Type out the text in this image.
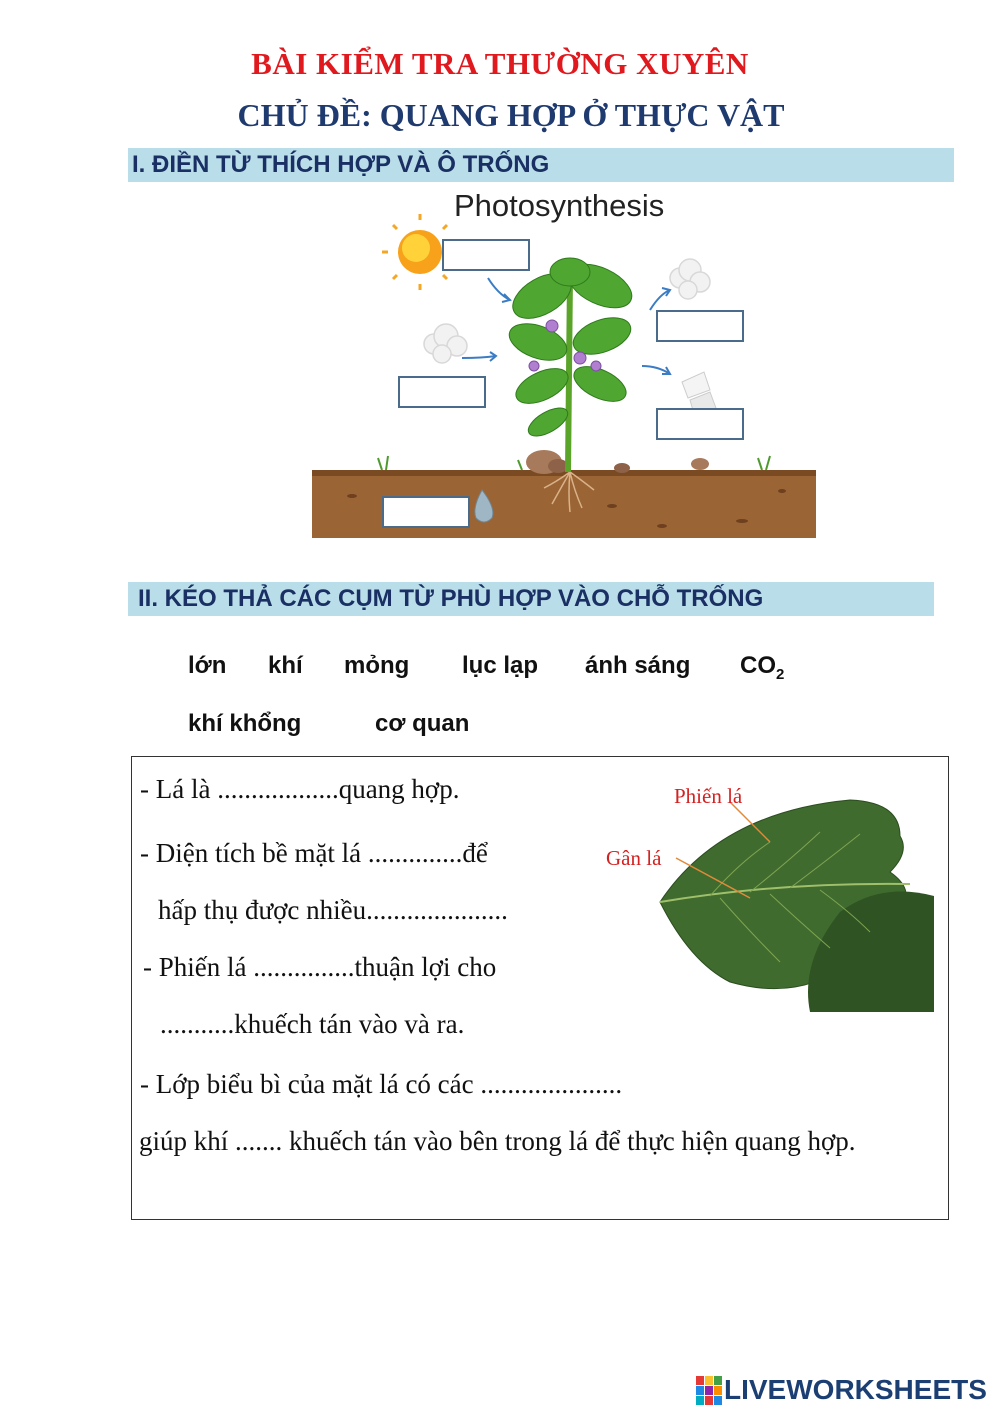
BÀI KIỂM TRA THƯỜNG XUYÊN
CHỦ ĐỀ: QUANG HỢP Ở THỰC VẬT
I. ĐIỀN TỪ THÍCH HỢP VÀ Ô TRỐNG
Photosynthesis
II. KÉO THẢ CÁC CỤM TỪ PHÙ HỢP VÀO CHỖ TRỐNG
lớn khí mỏng lục lạp ánh sáng $CO_2$
khí khổng	cơ quan
- Lá là ..................quang hợp.
- Diện tích bề mặt lá ..............để
hấp thụ được nhiều.....................
- Phiến lá ...............thuận lợi cho
...........khuếch tán vào và ra.
- Lớp biểu bì của mặt lá có các .....................
giúp khí ....... khuếch tán vào bên trong lá để thực hiện quang hợp.
Phiến lá
Gân lá
LIVEWORKSHEETS
